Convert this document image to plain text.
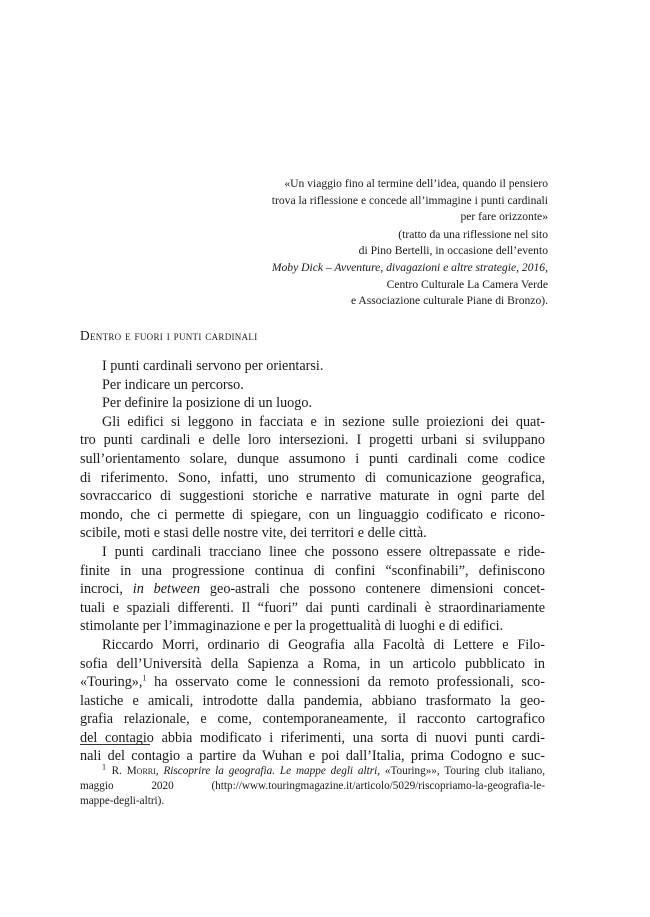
«Un viaggio fino al termine dell’idea, quando il pensiero
trova la riflessione e concede all’immagine i punti cardinali
per fare orizzonte»
(tratto da una riflessione nel sito
di Pino Bertelli, in occasione dell’evento
Moby Dick – Avventure, divagazioni e altre strategie, 2016,
Centro Culturale La Camera Verde
e Associazione culturale Piane di Bronzo).
Dentro e fuori i punti cardinali
I punti cardinali servono per orientarsi.
Per indicare un percorso.
Per definire la posizione di un luogo.
Gli edifici si leggono in facciata e in sezione sulle proiezioni dei quat-
tro punti cardinali e delle loro intersezioni. I progetti urbani si sviluppano
sull’orientamento solare, dunque assumono i punti cardinali come codice
di riferimento. Sono, infatti, uno strumento di comunicazione geografica,
sovraccarico di suggestioni storiche e narrative maturate in ogni parte del
mondo, che ci permette di spiegare, con un linguaggio codificato e ricono-
scibile, moti e stasi delle nostre vite, dei territori e delle città.
I punti cardinali tracciano linee che possono essere oltrepassate e ride-
finite in una progressione continua di confini “sconfinabili”, definiscono
incroci, in between geo-astrali che possono contenere dimensioni concet-
tuali e spaziali differenti. Il “fuori” dai punti cardinali è straordinariamente
stimolante per l’immaginazione e per la progettualità di luoghi e di edifici.
Riccardo Morri, ordinario di Geografia alla Facoltà di Lettere e Filo-
sofia dell’Università della Sapienza a Roma, in un articolo pubblicato in
«Touring»,$^1$ ha osservato come le connessioni da remoto professionali, sco-
lastiche e amicali, introdotte dalla pandemia, abbiano trasformato la geo-
grafia relazionale, e come, contemporaneamente, il racconto cartografico
del contagio abbia modificato i riferimenti, una sorta di nuovi punti cardi-
nali del contagio a partire da Wuhan e poi dall’Italia, prima Codogno e suc-
$^1$  R. Morri, Riscoprire la geografia. Le mappe degli altri, «Touring»», Touring club italiano,
maggio 2020 (http://www.touringmagazine.it/articolo/5029/riscopriamo-la-geografia-le-
mappe-degli-altri).
